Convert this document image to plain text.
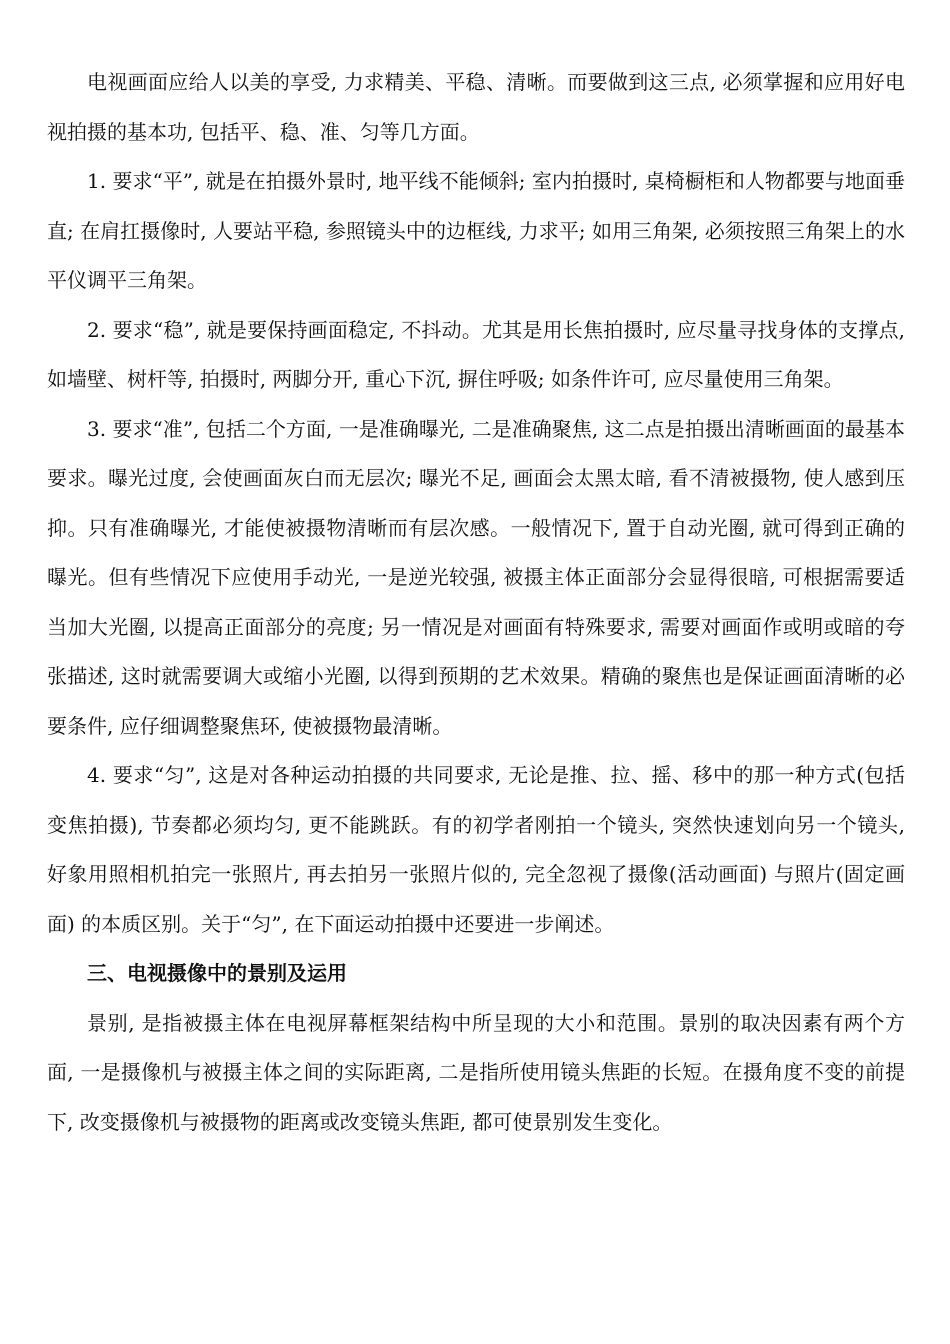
电视画面应给人以美的享受, 力求精美、平稳、清晰。而要做到这三点, 必须掌握和应用好电视拍摄的基本功, 包括平、稳、准、匀等几方面。

1. 要求“平”, 就是在拍摄外景时, 地平线不能倾斜; 室内拍摄时, 桌椅橱柜和人物都要与地面垂直; 在肩扛摄像时, 人要站平稳, 参照镜头中的边框线, 力求平; 如用三角架, 必须按照三角架上的水平仪调平三角架。

2. 要求“稳”, 就是要保持画面稳定, 不抖动。尤其是用长焦拍摄时, 应尽量寻找身体的支撑点, 如墙壁、树杆等, 拍摄时, 两脚分开, 重心下沉, 摒住呼吸; 如条件许可, 应尽量使用三角架。

3. 要求“准”, 包括二个方面, 一是准确曝光, 二是准确聚焦, 这二点是拍摄出清晰画面的最基本要求。曝光过度, 会使画面灰白而无层次; 曝光不足, 画面会太黑太暗, 看不清被摄物, 使人感到压抑。只有准确曝光, 才能使被摄物清晰而有层次感。一般情况下, 置于自动光圈, 就可得到正确的曝光。但有些情况下应使用手动光, 一是逆光较强, 被摄主体正面部分会显得很暗, 可根据需要适当加大光圈, 以提高正面部分的亮度; 另一情况是对画面有特殊要求, 需要对画面作或明或暗的夸张描述, 这时就需要调大或缩小光圈, 以得到预期的艺术效果。精确的聚焦也是保证画面清晰的必要条件, 应仔细调整聚焦环, 使被摄物最清晰。

4. 要求“匀”, 这是对各种运动拍摄的共同要求, 无论是推、拉、摇、移中的那一种方式(包括变焦拍摄), 节奏都必须均匀, 更不能跳跃。有的初学者刚拍一个镜头, 突然快速划向另一个镜头, 好象用照相机拍完一张照片, 再去拍另一张照片似的, 完全忽视了摄像(活动画面) 与照片(固定画面) 的本质区别。关于“匀”, 在下面运动拍摄中还要进一步阐述。

三、电视摄像中的景别及运用

景别, 是指被摄主体在电视屏幕框架结构中所呈现的大小和范围。景别的取决因素有两个方面, 一是摄像机与被摄主体之间的实际距离, 二是指所使用镜头焦距的长短。在摄角度不变的前提下, 改变摄像机与被摄物的距离或改变镜头焦距, 都可使景别发生变化。
